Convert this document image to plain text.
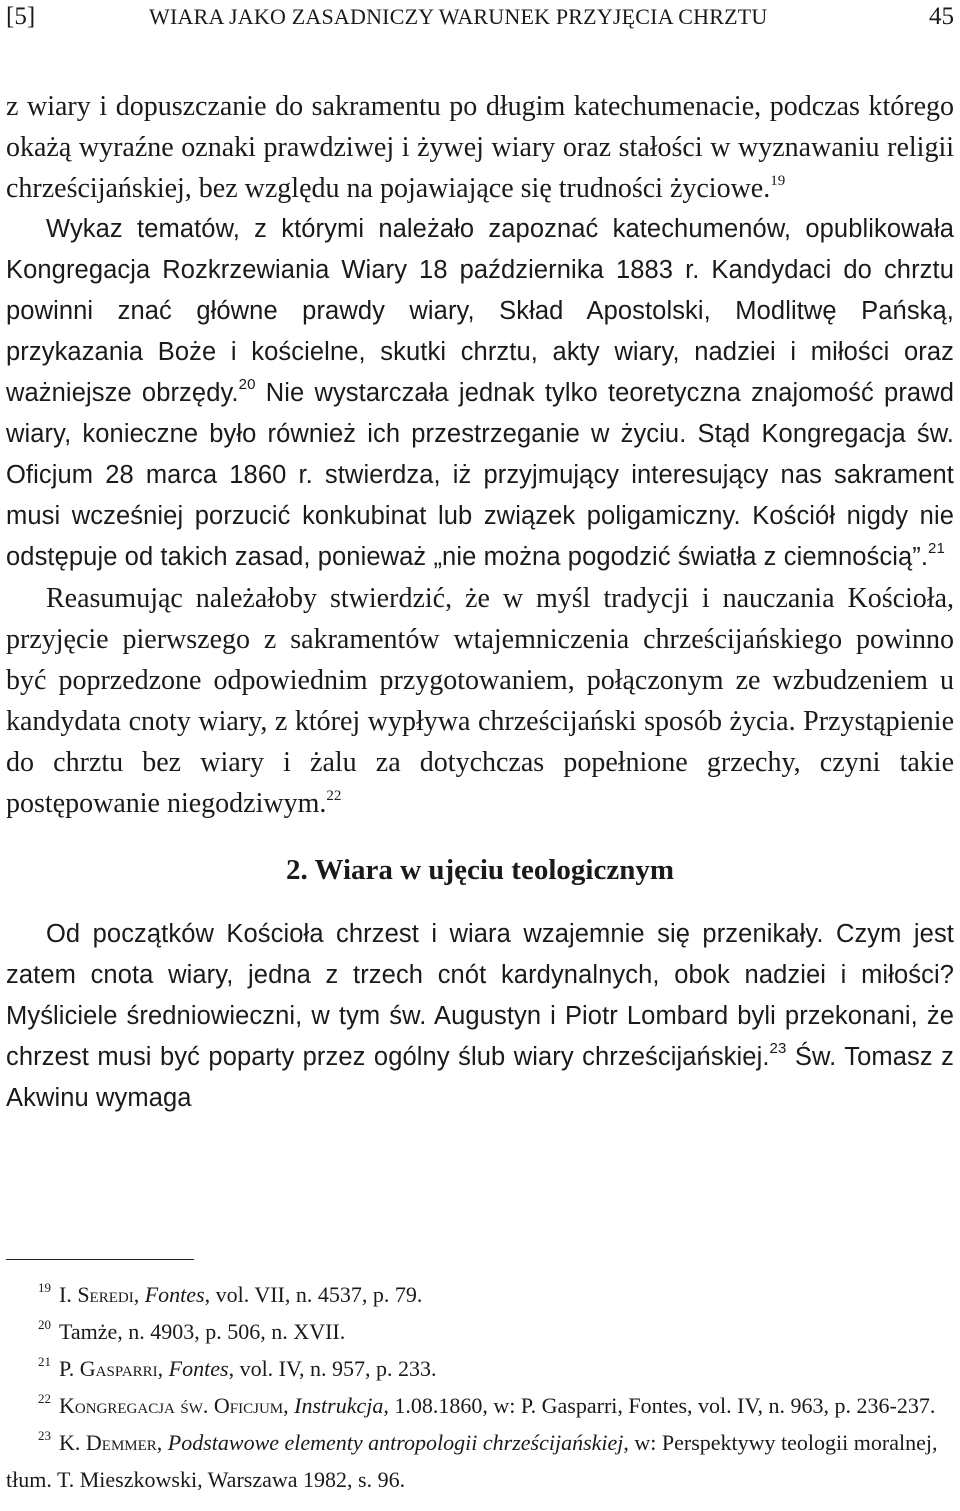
[5]	WIARA JAKO ZASADNICZY WARUNEK PRZYJĘCIA CHRZTU	45

z wiary i dopuszczanie do sakramentu po długim katechumenacie, podczas którego okażą wyraźne oznaki prawdziwej i żywej wiary oraz stałości w wyznawaniu religii chrześcijańskiej, bez względu na pojawiające się trudności życiowe.$^{19}$

Wykaz tematów, z którymi należało zapoznać katechumenów, opublikowała Kongregacja Rozkrzewiania Wiary 18 października 1883 r. Kandydaci do chrztu powinni znać główne prawdy wiary, Skład Apostolski, Modlitwę Pańską, przykazania Boże i kościelne, skutki chrztu, akty wiary, nadziei i miłości oraz ważniejsze obrzędy.$^{20}$ Nie wystarczała jednak tylko teoretyczna znajomość prawd wiary, konieczne było również ich przestrzeganie w życiu. Stąd Kongregacja św. Oficjum 28 marca 1860 r. stwierdza, iż przyjmujący interesujący nas sakrament musi wcześniej porzucić konkubinat lub związek poligamiczny. Kościół nigdy nie odstępuje od takich zasad, ponieważ „nie można pogodzić światła z ciemnością”.$^{21}$

Reasumując należałoby stwierdzić, że w myśl tradycji i nauczania Kościoła, przyjęcie pierwszego z sakramentów wtajemniczenia chrześcijańskiego powinno być poprzedzone odpowiednim przygotowaniem, połączonym ze wzbudzeniem u kandydata cnoty wiary, z której wypływa chrześcijański sposób życia. Przystąpienie do chrztu bez wiary i żalu za dotychczas popełnione grzechy, czyni takie postępowanie niegodziwym.$^{22}$

2. Wiara w ujęciu teologicznym

Od początków Kościoła chrzest i wiara wzajemnie się przenikały. Czym jest zatem cnota wiary, jedna z trzech cnót kardynalnych, obok nadziei i miłości? Myśliciele średniowieczni, w tym św. Augustyn i Piotr Lombard byli przekonani, że chrzest musi być poparty przez ogólny ślub wiary chrześcijańskiej.$^{23}$ Św. Tomasz z Akwinu wymaga

$^{19}$ I. Seredi, Fontes, vol. VII, n. 4537, p. 79.

$^{20}$ Tamże, n. 4903, p. 506, n. XVII.

$^{21}$ P. Gasparri, Fontes, vol. IV, n. 957, p. 233.

$^{22}$ Kongregacja św. Oficjum, Instrukcja, 1.08.1860, w: P. Gasparri, Fontes, vol. IV, n. 963, p. 236-237.

$^{23}$ K. Demmer, Podstawowe elementy antropologii chrześcijańskiej, w: Perspektywy teologii moralnej, tłum. T. Mieszkowski, Warszawa 1982, s. 96.
